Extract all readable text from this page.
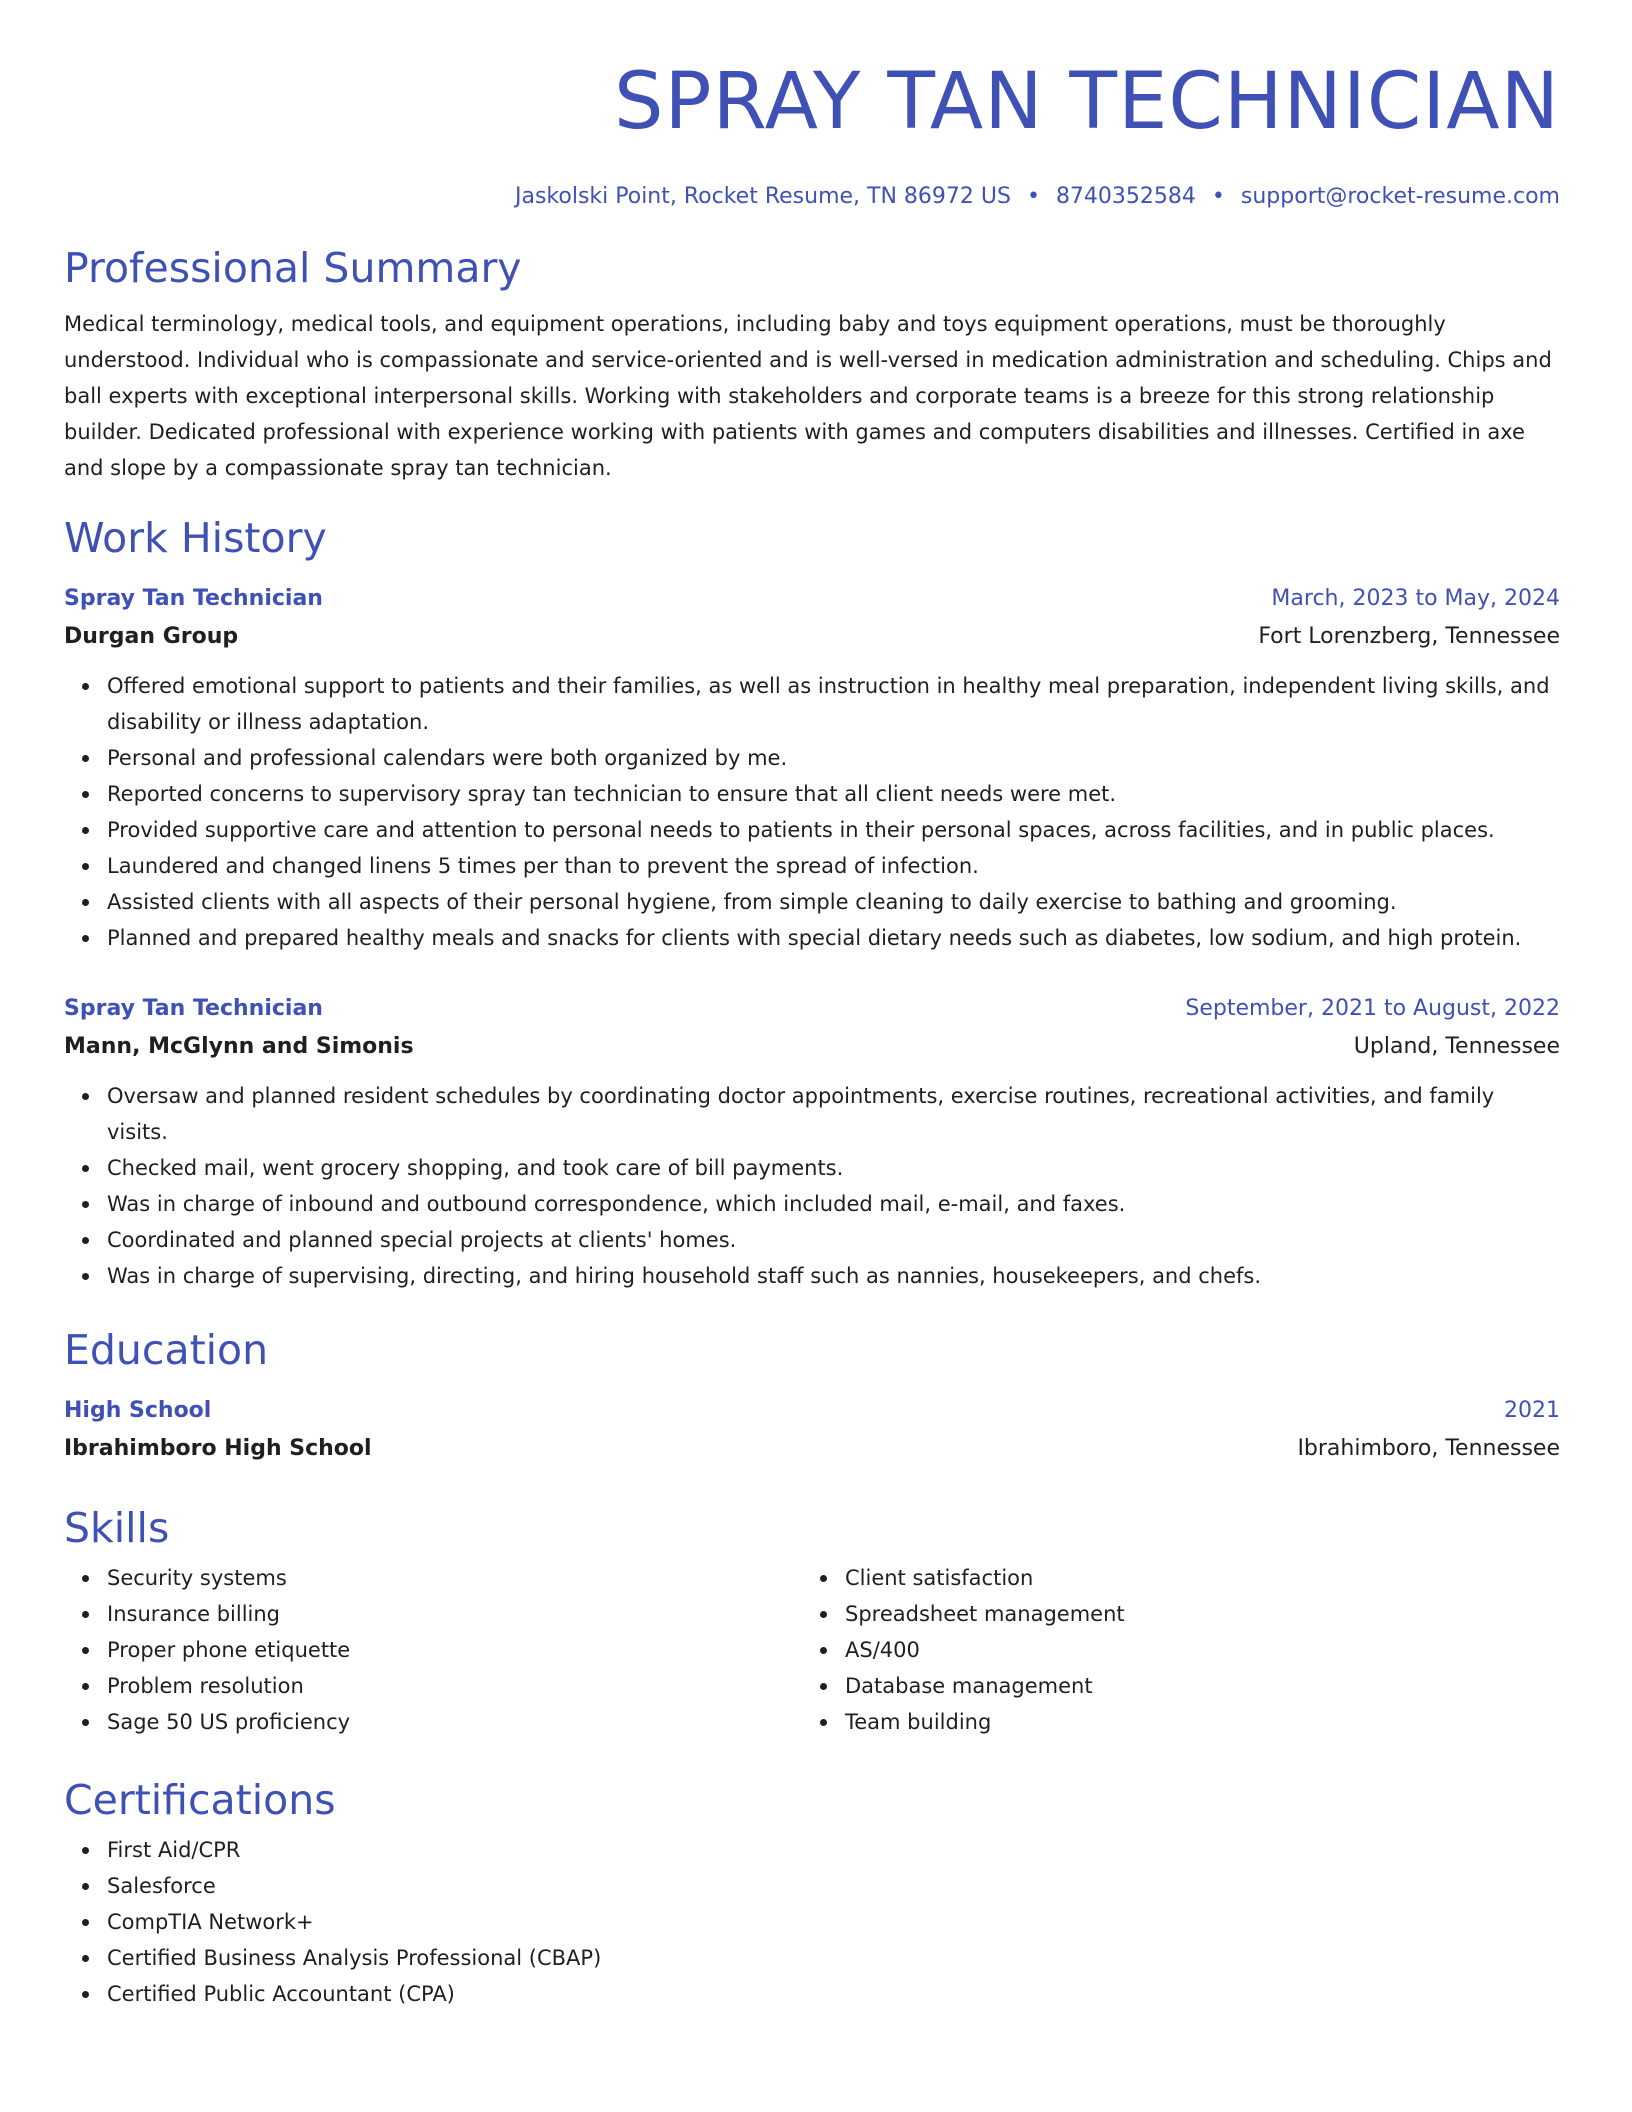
SPRAY TAN TECHNICIAN
Jaskolski Point, Rocket Resume, TN 86972 US • 8740352584 • support@rocket-resume.com
Professional Summary

Medical terminology, medical tools, and equipment operations, including baby and toys equipment operations, must be thoroughly understood. Individual who is compassionate and service-oriented and is well-versed in medication administration and scheduling. Chips and ball experts with exceptional interpersonal skills. Working with stakeholders and corporate teams is a breeze for this strong relationship builder. Dedicated professional with experience working with patients with games and computers disabilities and illnesses. Certified in axe and slope by a compassionate spray tan technician.

Work History
Spray Tan Technician	March, 2023 to May, 2024
Durgan Group	Fort Lorenzberg, Tennessee
Offered emotional support to patients and their families, as well as instruction in healthy meal preparation, independent living skills, and disability or illness adaptation.
Personal and professional calendars were both organized by me.
Reported concerns to supervisory spray tan technician to ensure that all client needs were met.
Provided supportive care and attention to personal needs to patients in their personal spaces, across facilities, and in public places.
Laundered and changed linens 5 times per than to prevent the spread of infection.
Assisted clients with all aspects of their personal hygiene, from simple cleaning to daily exercise to bathing and grooming.
Planned and prepared healthy meals and snacks for clients with special dietary needs such as diabetes, low sodium, and high protein.
Spray Tan Technician	September, 2021 to August, 2022
Mann, McGlynn and Simonis	Upland, Tennessee
Oversaw and planned resident schedules by coordinating doctor appointments, exercise routines, recreational activities, and family visits.
Checked mail, went grocery shopping, and took care of bill payments.
Was in charge of inbound and outbound correspondence, which included mail, e-mail, and faxes.
Coordinated and planned special projects at clients' homes.
Was in charge of supervising, directing, and hiring household staff such as nannies, housekeepers, and chefs.
Education
High School	2021
Ibrahimboro High School	Ibrahimboro, Tennessee
Skills
Security systems
Insurance billing
Proper phone etiquette
Problem resolution
Sage 50 US proficiency
Client satisfaction
Spreadsheet management
AS/400
Database management
Team building
Certifications
First Aid/CPR
Salesforce
CompTIA Network+
Certified Business Analysis Professional (CBAP)
Certified Public Accountant (CPA)
